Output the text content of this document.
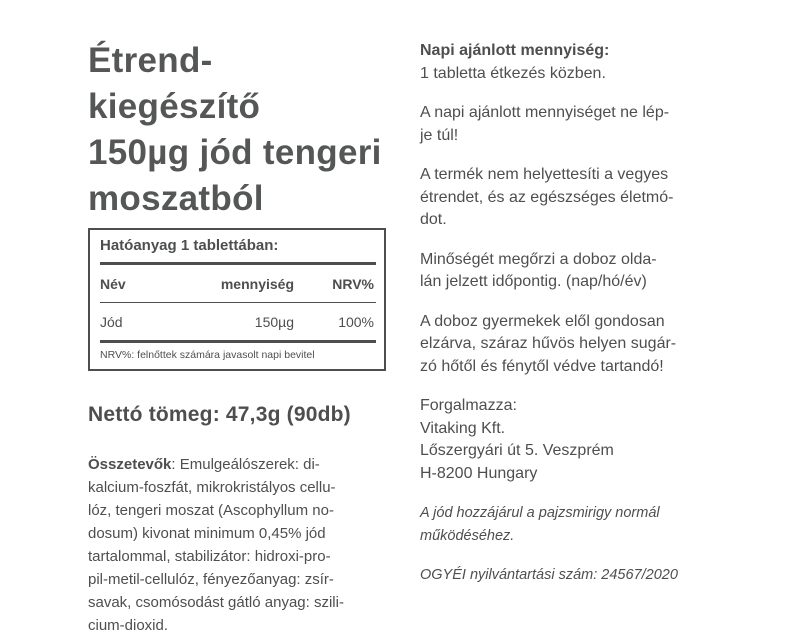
Étrend-kiegészítő
150µg jód tengeri
moszatból
Hatóanyag 1 tablettában:
Név	mennyiség	NRV%
Jód	150µg	100%
NRV%: felnőttek számára javasolt napi bevitel
Nettó tömeg: 47,3g (90db)
Összetevők: Emulgeálószerek: di-
kalcium-foszfát, mikrokristályos cellu-
lóz, tengeri moszat (Ascophyllum no-
dosum) kivonat minimum 0,45% jód
tartalommal, stabilizátor: hidroxi-pro-
pil-metil-cellulóz, fényezőanyag: zsír-
savak, csomósodást gátló anyag: szili-
cium-dioxid.

Napi ajánlott mennyiség:
1 tabletta étkezés közben.

A napi ajánlott mennyiséget ne lép-
je túl!

A termék nem helyettesíti a vegyes
étrendet, és az egészséges életmó-
dot.

Minőségét megőrzi a doboz olda-
lán jelzett időpontig. (nap/hó/év)

A doboz gyermekek elől gondosan
elzárva, száraz hűvös helyen sugár-
zó hőtől és fénytől védve tartandó!

Forgalmazza:
Vitaking Kft.
Lőszergyári út 5. Veszprém
H-8200 Hungary

A jód hozzájárul a pajzsmirigy normál
működéséhez.

OGYÉI nyilvántartási szám: 24567/2020
